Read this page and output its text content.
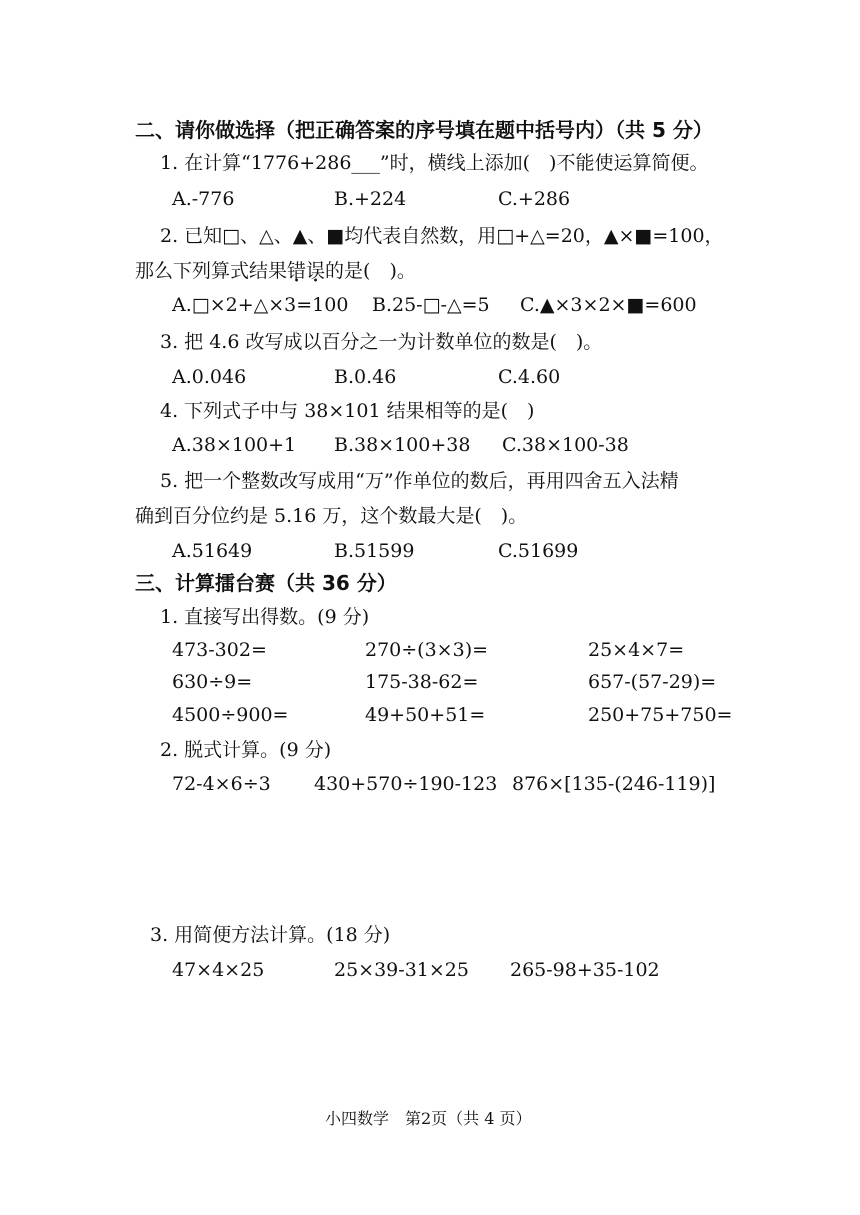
二、请你做选择（把正确答案的序号填在题中括号内）（共 5 分）
1. 在计算“1776+286___”时，横线上添加(　)不能使运算简便。
A.-776	B.+224	C.+286
2. 已知□、△、▲、■均代表自然数，用□+△=20，▲×■=100，
那么下列算式结果错误的是(　)。
A.□×2+△×3=100 B.25-□-△=5 C.▲×3×2×■=600
3. 把 4.6 改写成以百分之一为计数单位的数是(　)。
A.0.046	B.0.46	C.4.60
4. 下列式子中与 38×101 结果相等的是(　)
A.38×100+1 B.38×100+38 C.38×100-38
5. 把一个整数改写成用“万”作单位的数后，再用四舍五入法精
确到百分位约是 5.16 万，这个数最大是(　)。
A.51649	B.51599	C.51699
三、计算擂台赛（共 36 分）
1. 直接写出得数。(9 分)
473-302=	270÷(3×3)=	25×4×7=
630÷9=	175-38-62=	657-(57-29)=
4500÷900=	49+50+51=	250+75+750=
2. 脱式计算。(9 分)
72-4×6÷3 430+570÷190-123 876×[135-(246-119)]
3. 用简便方法计算。(18 分)
47×4×25	25×39-31×25 265-98+35-102
小四数学　第2页（共 4 页）
